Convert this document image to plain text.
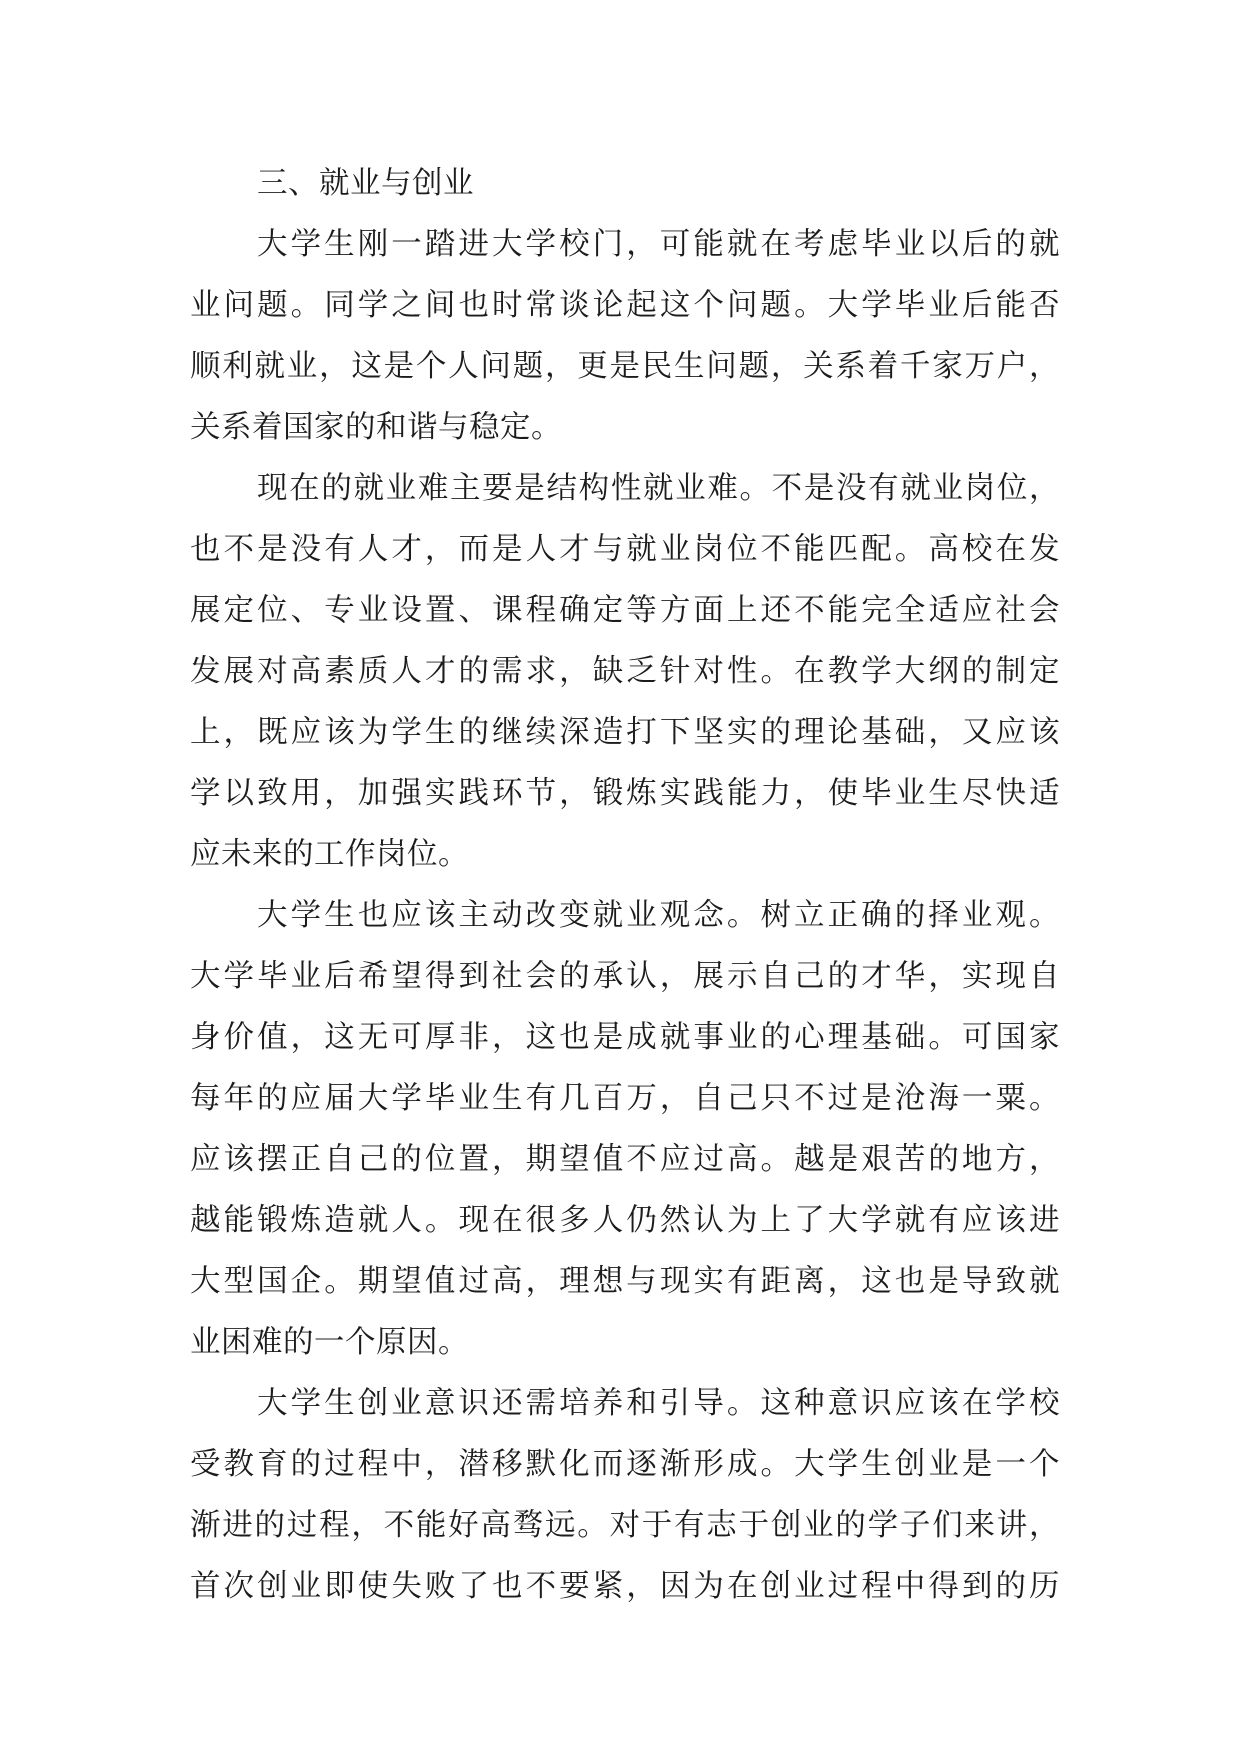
三、就业与创业
大学生刚一踏进大学校门，可能就在考虑毕业以后的就
业问题。同学之间也时常谈论起这个问题。大学毕业后能否
顺利就业，这是个人问题，更是民生问题，关系着千家万户，
关系着国家的和谐与稳定。
现在的就业难主要是结构性就业难。不是没有就业岗位，
也不是没有人才，而是人才与就业岗位不能匹配。高校在发
展定位、专业设置、课程确定等方面上还不能完全适应社会
发展对高素质人才的需求，缺乏针对性。在教学大纲的制定
上，既应该为学生的继续深造打下坚实的理论基础，又应该
学以致用，加强实践环节，锻炼实践能力，使毕业生尽快适
应未来的工作岗位。
大学生也应该主动改变就业观念。树立正确的择业观。
大学毕业后希望得到社会的承认，展示自己的才华，实现自
身价值，这无可厚非，这也是成就事业的心理基础。可国家
每年的应届大学毕业生有几百万，自己只不过是沧海一粟。
应该摆正自己的位置，期望值不应过高。越是艰苦的地方，
越能锻炼造就人。现在很多人仍然认为上了大学就有应该进
大型国企。期望值过高，理想与现实有距离，这也是导致就
业困难的一个原因。
大学生创业意识还需培养和引导。这种意识应该在学校
受教育的过程中，潜移默化而逐渐形成。大学生创业是一个
渐进的过程，不能好高骛远。对于有志于创业的学子们来讲，
首次创业即使失败了也不要紧，因为在创业过程中得到的历
